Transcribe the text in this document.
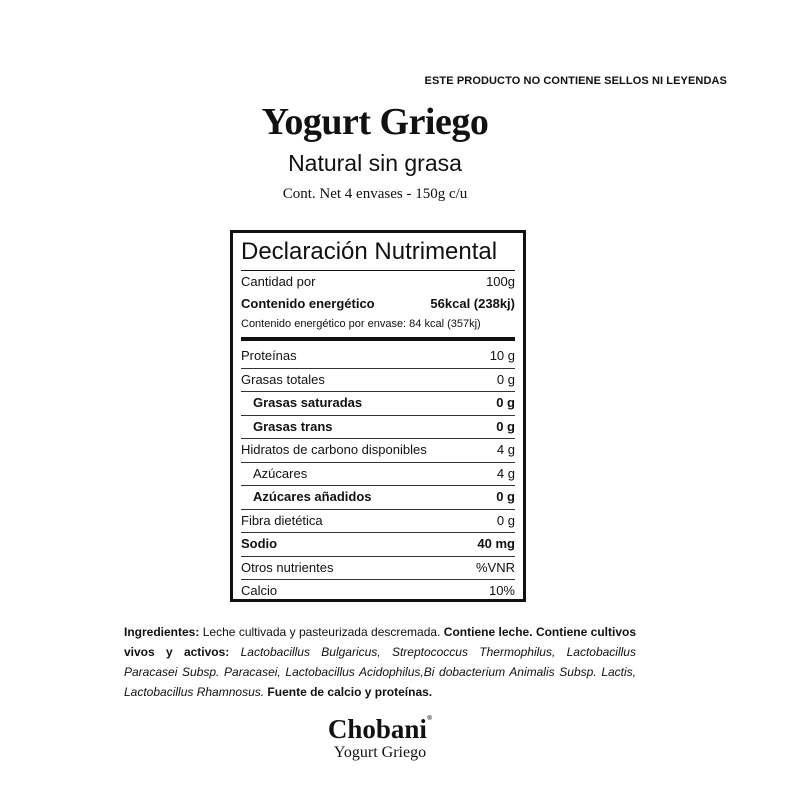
ESTE PRODUCTO NO CONTIENE SELLOS NI LEYENDAS
Yogurt Griego
Natural sin grasa
Cont. Net 4 envases - 150g c/u
Declaración Nutrimental
Cantidad por	100g
Contenido energético	56kcal (238kj)
Contenido energético por envase: 84 kcal (357kj)
Proteínas	10 g
Grasas totales	0 g
Grasas saturadas	0 g
Grasas trans	0 g
Hidratos de carbono disponibles	4 g
Azúcares	4 g
Azúcares añadidos	0 g
Fibra dietética	0 g
Sodio	40 mg
Otros nutrientes	%VNR
Calcio	10%
Ingredientes: Leche cultivada y pasteurizada descremada. Contiene leche. Contiene cultivos vivos y activos: Lactobacillus Bulgaricus, Streptococcus Thermophilus, Lactobacillus Paracasei Subsp. Paracasei, Lactobacillus Acidophilus,Bi dobacterium Animalis Subsp. Lactis, Lactobacillus Rhamnosus. Fuente de calcio y proteínas.
Chobani®
Yogurt Griego
